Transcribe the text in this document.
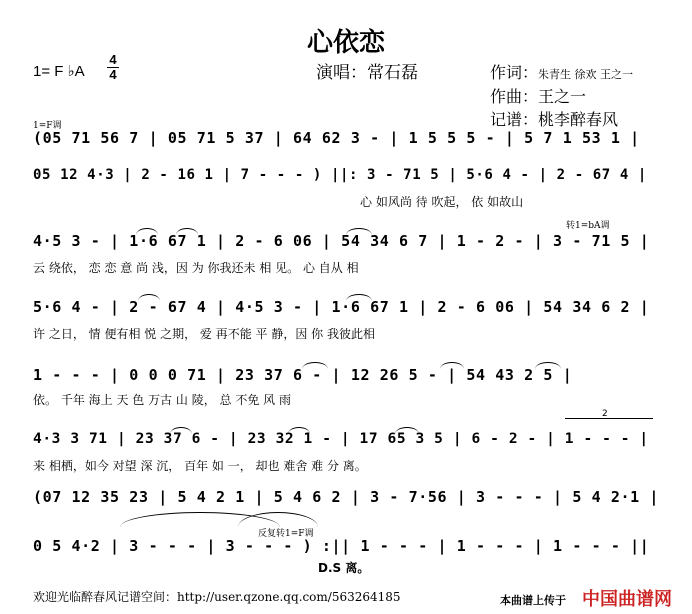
心依恋
1= F ♭A
4
4	演唱：常石磊	作词：朱青生 徐欢 王之一
作曲：王之一
记谱：桃李醉春风
1=F调
(05 71 56 7 | 05 71 5 37 | 64 62 3 - | 1 5 5 5 - | 5 7 1 53 1 |
05 12 4·3 | 2 - 16 1 | 7 - - - ) ||: 3 - 71 5 | 5·6 4 - | 2 - 67 4 |
心 如风尚 待 吹起， 依 如故山
转1=bA调
4·5 3 - | 1·6 67 1 | 2 - 6 06 | 54 34 6 7 | 1 - 2 - | 3 - 71 5 |
云 绕依， 恋 恋 意 尚 浅，因 为 你我还未 相 见。 心 自从 相
5·6 4 - | 2 - 67 4 | 4·5 3 - | 1·6 67 1 | 2 - 6 06 | 54 34 6 2 |
许 之日， 情 便有相 悦 之期， 爱 再不能 平 静，因 你 我彼此相
1 - - - | 0 0 0 71 | 23 37 6 - | 12 26 5 - | 54 43 2 5 |
依。 千年 海上 天 色 万古 山 陵， 总 不免 风 雨
4·3 3 71 | 23 37 6 - | 23 32 1 - | 17 65 3 5 | 6 - 2 - | 1 - - - |
来 相栖，如今 对望 深 沉， 百年 如 一， 却也 难舍 难 分 离。
(07 12 35 23 | 5 4 2 1 | 5 4 6 2 | 3 - 7·56 | 3 - - - | 5 4 2·1 |
反复转1=F调
0 5 4·2 | 3 - - - | 3 - - - ) :|| 1 - - - | 1 - - - | 1 - - - ||
D.S 离。
2
欢迎光临醉春风记谱空间：http://user.qzone.qq.com/563264185	本曲谱上传于 中国曲谱网
